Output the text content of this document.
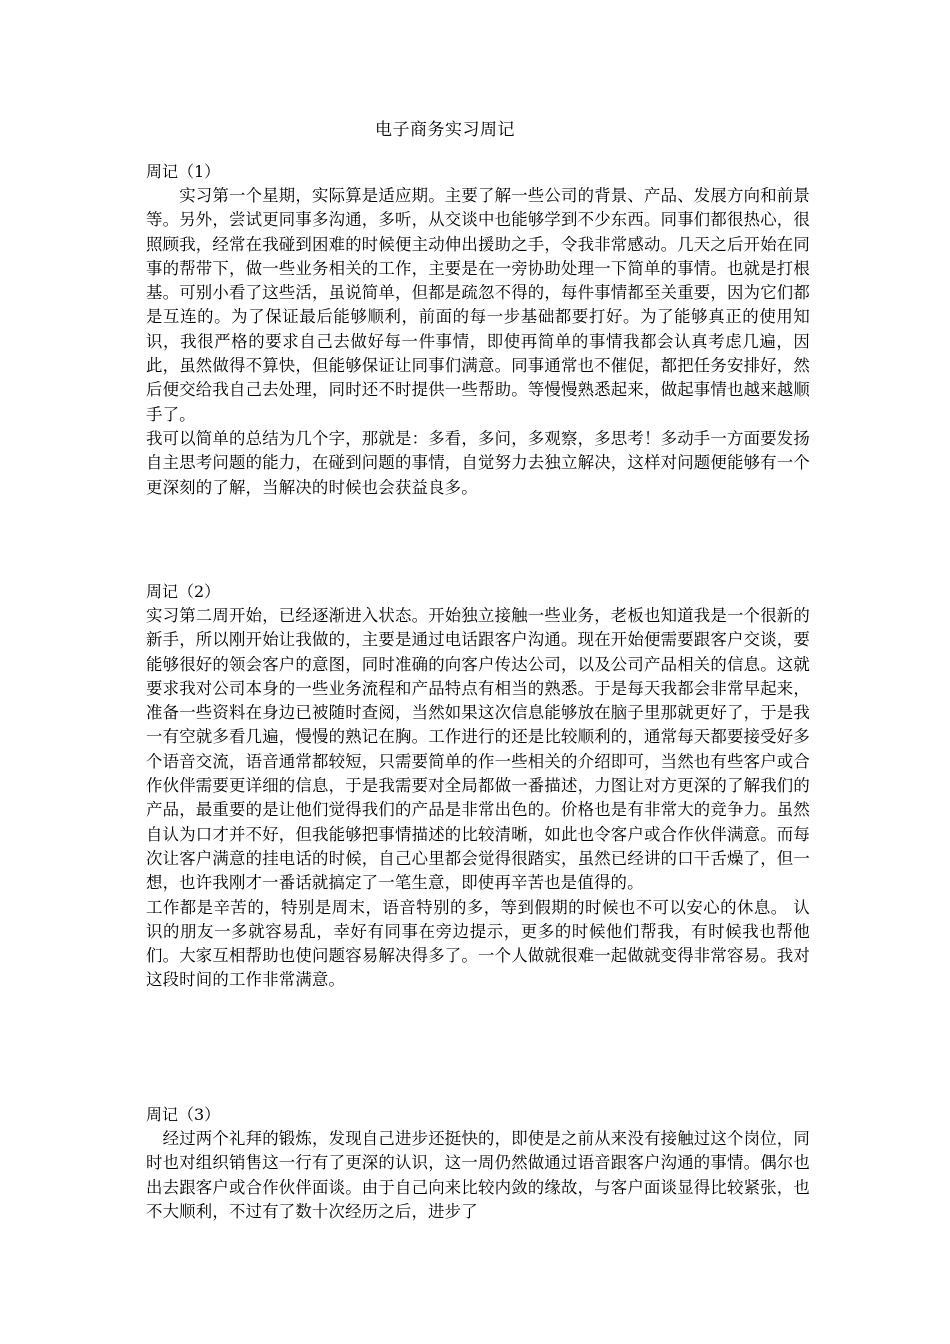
电子商务实习周记

周记（1）

　　实习第一个星期，实际算是适应期。主要了解一些公司的背景、产品、发展方向和前景等。另外，尝试更同事多沟通，多听，从交谈中也能够学到不少东西。同事们都很热心，很照顾我，经常在我碰到困难的时候便主动伸出援助之手，令我非常感动。几天之后开始在同事的帮带下，做一些业务相关的工作，主要是在一旁协助处理一下简单的事情。也就是打根基。可别小看了这些活，虽说简单，但都是疏忽不得的，每件事情都至关重要，因为它们都是互连的。为了保证最后能够顺利，前面的每一步基础都要打好。为了能够真正的使用知识，我很严格的要求自己去做好每一件事情，即使再简单的事情我都会认真考虑几遍，因此，虽然做得不算快，但能够保证让同事们满意。同事通常也不催促，都把任务安排好，然后便交给我自己去处理，同时还不时提供一些帮助。等慢慢熟悉起来，做起事情也越来越顺手了。

我可以简单的总结为几个字，那就是：多看，多问，多观察，多思考！多动手一方面要发扬自主思考问题的能力，在碰到问题的事情，自觉努力去独立解决，这样对问题便能够有一个更深刻的了解，当解决的时候也会获益良多。

周记（2）

实习第二周开始，已经逐渐进入状态。开始独立接触一些业务，老板也知道我是一个很新的新手，所以刚开始让我做的，主要是通过电话跟客户沟通。现在开始便需要跟客户交谈，要能够很好的领会客户的意图，同时准确的向客户传达公司，以及公司产品相关的信息。这就要求我对公司本身的一些业务流程和产品特点有相当的熟悉。于是每天我都会非常早起来，准备一些资料在身边已被随时查阅，当然如果这次信息能够放在脑子里那就更好了，于是我一有空就多看几遍，慢慢的熟记在胸。工作进行的还是比较顺利的，通常每天都要接受好多个语音交流，语音通常都较短，只需要简单的作一些相关的介绍即可，当然也有些客户或合作伙伴需要更详细的信息，于是我需要对全局都做一番描述，力图让对方更深的了解我们的产品，最重要的是让他们觉得我们的产品是非常出色的。价格也是有非常大的竞争力。虽然自认为口才并不好，但我能够把事情描述的比较清晰，如此也令客户或合作伙伴满意。而每次让客户满意的挂电话的时候，自己心里都会觉得很踏实，虽然已经讲的口干舌燥了，但一想，也许我刚才一番话就搞定了一笔生意，即使再辛苦也是值得的。

工作都是辛苦的，特别是周末，语音特别的多，等到假期的时候也不可以安心的休息。 认识的朋友一多就容易乱，幸好有同事在旁边提示，更多的时候他们帮我，有时候我也帮他们。大家互相帮助也使问题容易解决得多了。一个人做就很难一起做就变得非常容易。我对这段时间的工作非常满意。

周记（3）

　经过两个礼拜的锻炼，发现自己进步还挺快的，即使是之前从来没有接触过这个岗位，同时也对组织销售这一行有了更深的认识，这一周仍然做通过语音跟客户沟通的事情。偶尔也出去跟客户或合作伙伴面谈。由于自己向来比较内敛的缘故，与客户面谈显得比较紧张，也不大顺利，不过有了数十次经历之后，进步了
